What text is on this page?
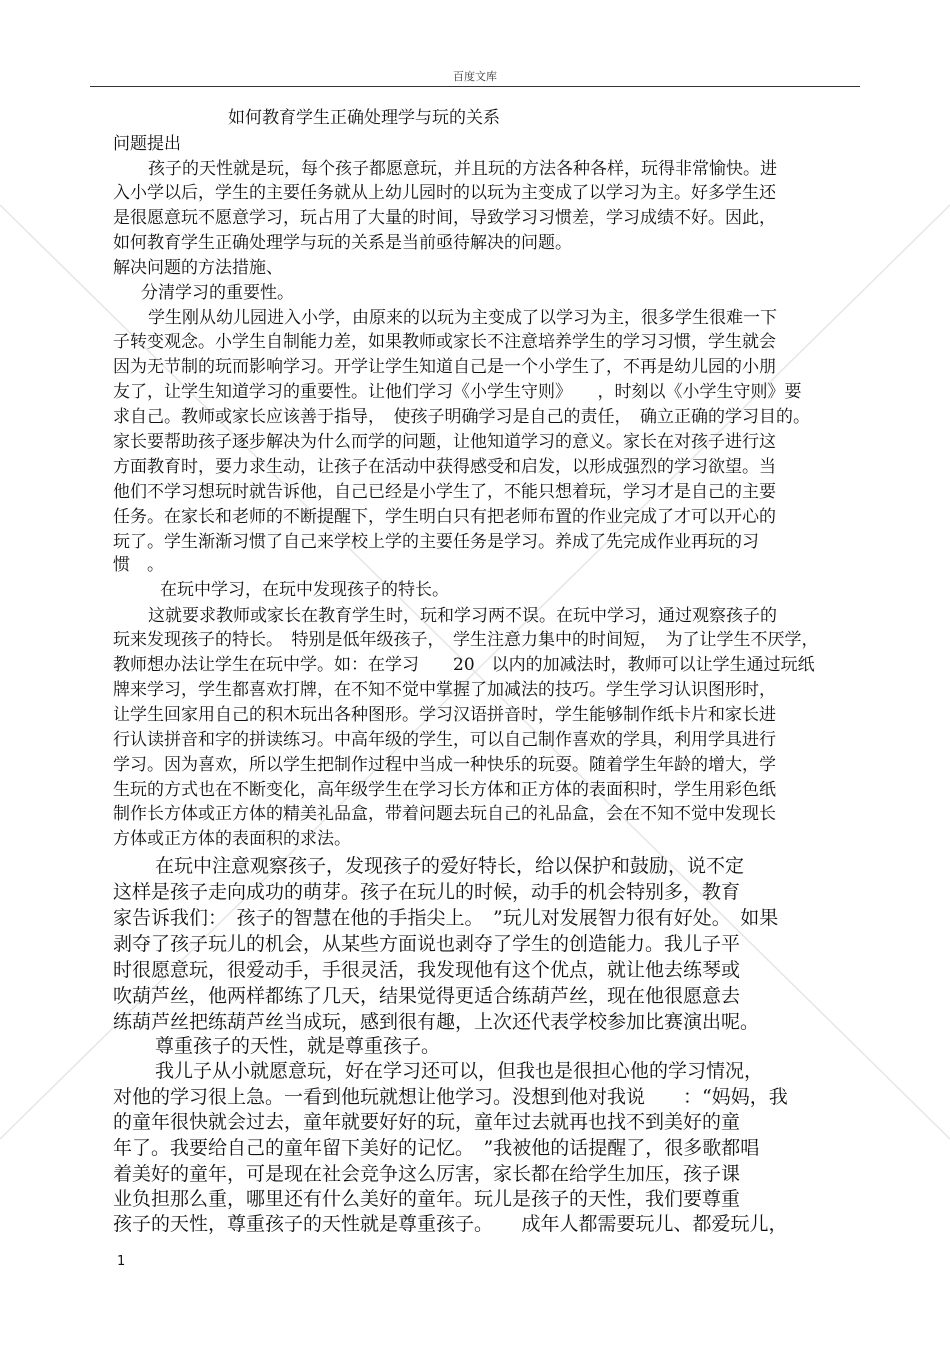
百度文库
如何教育学生正确处理学与玩的关系
问题提出
孩子的天性就是玩，每个孩子都愿意玩，并且玩的方法各种各样，玩得非常愉快。进
入小学以后，学生的主要任务就从上幼儿园时的以玩为主变成了以学习为主。好多学生还
是很愿意玩不愿意学习，玩占用了大量的时间，导致学习习惯差，学习成绩不好。因此，
如何教育学生正确处理学与玩的关系是当前亟待解决的问题。
解决问题的方法措施、
分清学习的重要性。
学生刚从幼儿园进入小学，由原来的以玩为主变成了以学习为主，很多学生很难一下
子转变观念。小学生自制能力差，如果教师或家长不注意培养学生的学习习惯，学生就会
因为无节制的玩而影响学习。开学让学生知道自己是一个小学生了，不再是幼儿园的小朋
友了，让学生知道学习的重要性。让他们学习《小学生守则》　　，时刻以《小学生守则》要
求自己。教师或家长应该善于指导，　使孩子明确学习是自己的责任，　确立正确的学习目的。
家长要帮助孩子逐步解决为什么而学的问题，让他知道学习的意义。家长在对孩子进行这
方面教育时，要力求生动，让孩子在活动中获得感受和启发，以形成强烈的学习欲望。当
他们不学习想玩时就告诉他，自己已经是小学生了，不能只想着玩，学习才是自己的主要
任务。在家长和老师的不断提醒下，学生明白只有把老师布置的作业完成了才可以开心的
玩了。学生渐渐习惯了自己来学校上学的主要任务是学习。养成了先完成作业再玩的习
惯　。
在玩中学习，在玩中发现孩子的特长。
这就要求教师或家长在教育学生时，玩和学习两不误。在玩中学习，通过观察孩子的
玩来发现孩子的特长。　特别是低年级孩子，　学生注意力集中的时间短，　为了让学生不厌学，
教师想办法让学生在玩中学。如：在学习　　20　以内的加减法时，教师可以让学生通过玩纸
牌来学习，学生都喜欢打牌，在不知不觉中掌握了加减法的技巧。学生学习认识图形时，
让学生回家用自己的积木玩出各种图形。学习汉语拼音时，学生能够制作纸卡片和家长进
行认读拼音和字的拼读练习。中高年级的学生，可以自己制作喜欢的学具，利用学具进行
学习。因为喜欢，所以学生把制作过程中当成一种快乐的玩耍。随着学生年龄的增大，学
生玩的方式也在不断变化，高年级学生在学习长方体和正方体的表面积时，学生用彩色纸
制作长方体或正方体的精美礼品盒，带着问题去玩自己的礼品盒，会在不知不觉中发现长
方体或正方体的表面积的求法。
在玩中注意观察孩子，发现孩子的爱好特长，给以保护和鼓励，说不定
这样是孩子走向成功的萌芽。孩子在玩儿的时候，动手的机会特别多，教育
家告诉我们：　孩子的智慧在他的手指尖上。　”玩儿对发展智力很有好处。　如果
剥夺了孩子玩儿的机会，从某些方面说也剥夺了学生的创造能力。我儿子平
时很愿意玩，很爱动手，手很灵活，我发现他有这个优点，就让他去练琴或
吹葫芦丝，他两样都练了几天，结果觉得更适合练葫芦丝，现在他很愿意去
练葫芦丝把练葫芦丝当成玩，感到很有趣，上次还代表学校参加比赛演出呢。
尊重孩子的天性，就是尊重孩子。
我儿子从小就愿意玩，好在学习还可以，但我也是很担心他的学习情况，
对他的学习很上急。一看到他玩就想让他学习。没想到他对我说　　：“妈妈，我
的童年很快就会过去，童年就要好好的玩，童年过去就再也找不到美好的童
年了。我要给自己的童年留下美好的记忆。　”我被他的话提醒了，很多歌都唱
着美好的童年，可是现在社会竞争这么厉害，家长都在给学生加压，孩子课
业负担那么重，哪里还有什么美好的童年。玩儿是孩子的天性，我们要尊重
孩子的天性，尊重孩子的天性就是尊重孩子。　　成年人都需要玩儿、都爱玩儿，
1
